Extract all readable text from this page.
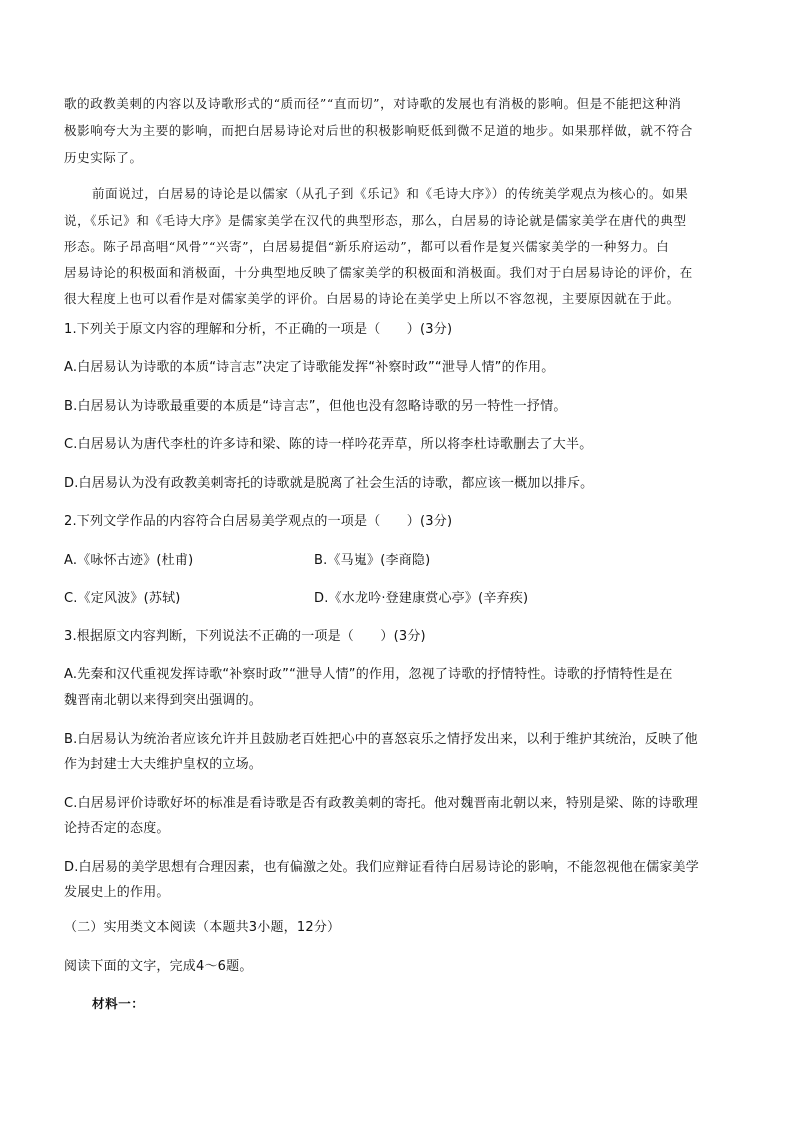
歌的政教美刺的内容以及诗歌形式的“质而径”“直而切”，对诗歌的发展也有消极的影响。但是不能把这种消
极影响夸大为主要的影响，而把白居易诗论对后世的积极影响贬低到微不足道的地步。如果那样做，就不符合
历史实际了。
前面说过，白居易的诗论是以儒家（从孔子到《乐记》和《毛诗大序》）的传统美学观点为核心的。如果
说，《乐记》和《毛诗大序》是儒家美学在汉代的典型形态，那么，白居易的诗论就是儒家美学在唐代的典型
形态。陈子昂高唱“风骨”“兴寄”，白居易提倡“新乐府运动”，都可以看作是复兴儒家美学的一种努力。白
居易诗论的积极面和消极面，十分典型地反映了儒家美学的积极面和消极面。我们对于白居易诗论的评价，在
很大程度上也可以看作是对儒家美学的评价。白居易的诗论在美学史上所以不容忽视，主要原因就在于此。
1.下列关于原文内容的理解和分析，不正确的一项是（　　）(3分)
A.白居易认为诗歌的本质“诗言志”决定了诗歌能发挥“补察时政”“泄导人情”的作用。
B.白居易认为诗歌最重要的本质是“诗言志”，但他也没有忽略诗歌的另一特性一抒情。
C.白居易认为唐代李杜的许多诗和梁、陈的诗一样吟花弄草，所以将李杜诗歌删去了大半。
D.白居易认为没有政教美刺寄托的诗歌就是脱离了社会生活的诗歌，都应该一概加以排斥。
2.下列文学作品的内容符合白居易美学观点的一项是（　　）(3分)
A.《咏怀古迹》(杜甫)	B.《马嵬》(李商隐)
C.《定风波》(苏轼)	D.《水龙吟·登建康赏心亭》(辛弃疾)
3.根据原文内容判断，下列说法不正确的一项是（　　）(3分)
A.先秦和汉代重视发挥诗歌“补察时政”“泄导人情”的作用，忽视了诗歌的抒情特性。诗歌的抒情特性是在
魏晋南北朝以来得到突出强调的。
B.白居易认为统治者应该允许并且鼓励老百姓把心中的喜怒哀乐之情抒发出来，以利于维护其统治，反映了他
作为封建士大夫维护皇权的立场。
C.白居易评价诗歌好坏的标准是看诗歌是否有政教美刺的寄托。他对魏晋南北朝以来，特别是梁、陈的诗歌理
论持否定的态度。
D.白居易的美学思想有合理因素，也有偏激之处。我们应辩证看待白居易诗论的影响，不能忽视他在儒家美学
发展史上的作用。
（二）实用类文本阅读（本题共3小题，12分）
阅读下面的文字，完成4～6题。
材料一：
